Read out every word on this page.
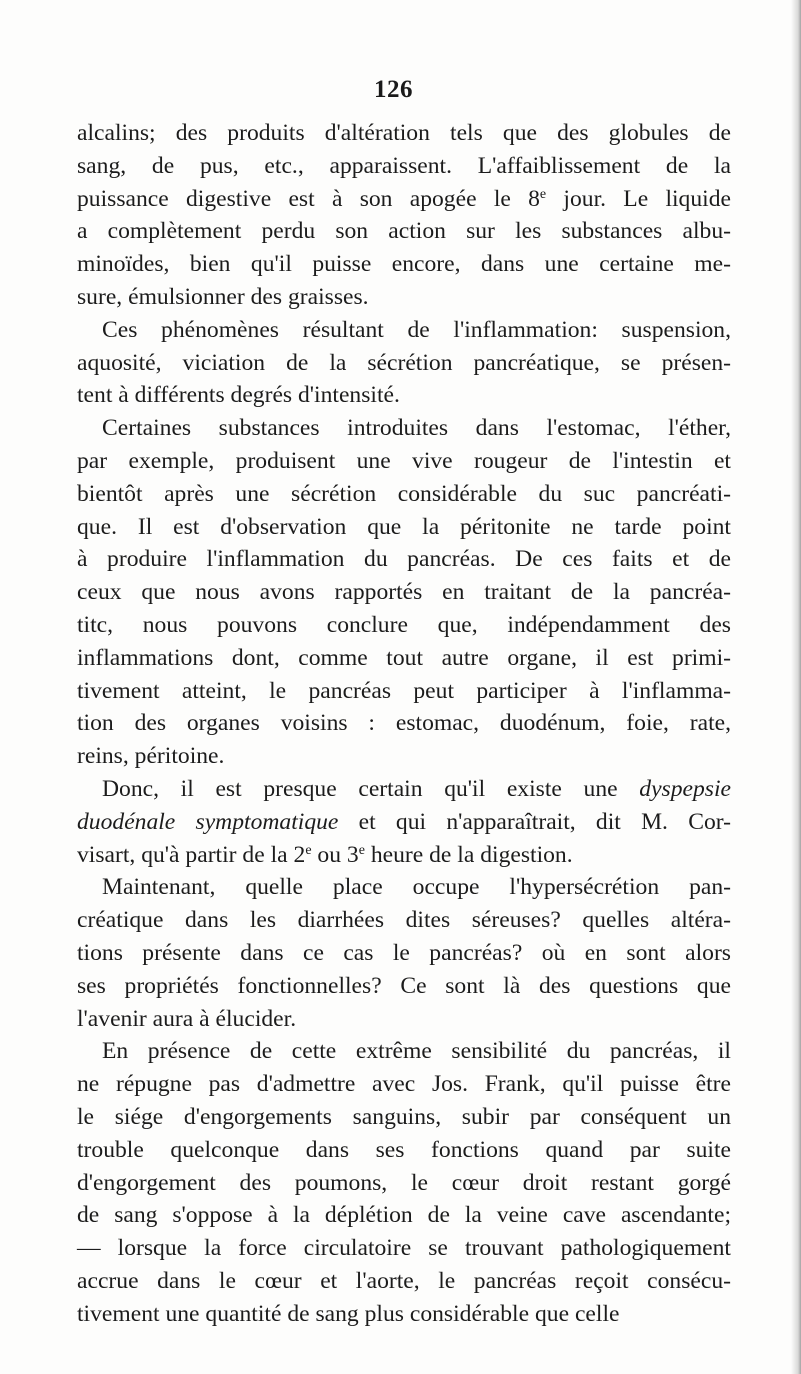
126
alcalins; des produits d'altération tels que des globules de
sang, de pus, etc., apparaissent. L'affaiblissement de la
puissance digestive est à son apogée le 8e jour. Le liquide
a complètement perdu son action sur les substances albu-
minoïdes, bien qu'il puisse encore, dans une certaine me-
sure, émulsionner des graisses.
Ces phénomènes résultant de l'inflammation: suspension,
aquosité, viciation de la sécrétion pancréatique, se présen-
tent à différents degrés d'intensité.
Certaines substances introduites dans l'estomac, l'éther,
par exemple, produisent une vive rougeur de l'intestin et
bientôt après une sécrétion considérable du suc pancréati-
que. Il est d'observation que la péritonite ne tarde point
à produire l'inflammation du pancréas. De ces faits et de
ceux que nous avons rapportés en traitant de la pancréa-
titc, nous pouvons conclure que, indépendamment des
inflammations dont, comme tout autre organe, il est primi-
tivement atteint, le pancréas peut participer à l'inflamma-
tion des organes voisins : estomac, duodénum, foie, rate,
reins, péritoine.
Donc, il est presque certain qu'il existe une dyspepsie
duodénale symptomatique et qui n'apparaîtrait, dit M. Cor-
visart, qu'à partir de la 2e ou 3e heure de la digestion.
Maintenant, quelle place occupe l'hypersécrétion pan-
créatique dans les diarrhées dites séreuses? quelles altéra-
tions présente dans ce cas le pancréas? où en sont alors
ses propriétés fonctionnelles? Ce sont là des questions que
l'avenir aura à élucider.
En présence de cette extrême sensibilité du pancréas, il
ne répugne pas d'admettre avec Jos. Frank, qu'il puisse être
le siége d'engorgements sanguins, subir par conséquent un
trouble quelconque dans ses fonctions quand par suite
d'engorgement des poumons, le cœur droit restant gorgé
de sang s'oppose à la déplétion de la veine cave ascendante;
— lorsque la force circulatoire se trouvant pathologiquement
accrue dans le cœur et l'aorte, le pancréas reçoit consécu-
tivement une quantité de sang plus considérable que celle
